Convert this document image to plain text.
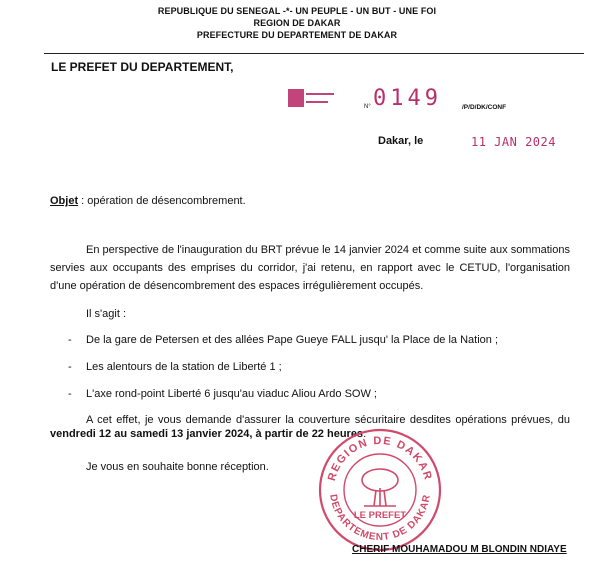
REPUBLIQUE DU SENEGAL -*- UN PEUPLE - UN BUT - UNE FOI
REGION DE DAKAR
PREFECTURE DU DEPARTEMENT DE DAKAR
LE PREFET DU DEPARTEMENT,
N° 0149	/P/D/DK/CONF
Dakar, le	11 JAN 2024
Objet : opération de désencombrement.
En perspective de l'inauguration du BRT prévue le 14 janvier 2024 et comme suite aux sommations servies aux occupants des emprises du corridor, j'ai retenu, en rapport avec le CETUD, l'organisation d'une opération de désencombrement des espaces irrégulièrement occupés.
Il s'agit :
- De la gare de Petersen et des allées Pape Gueye FALL jusqu' la Place de la Nation ;
- Les alentours de la station de Liberté 1 ;
- L'axe rond-point Liberté 6 jusqu'au viaduc Aliou Ardo SOW ;
A cet effet, je vous demande d'assurer la couverture sécuritaire desdites opérations prévues, du vendredi 12 au samedi 13 janvier 2024, à partir de 22 heures.
Je vous en souhaite bonne réception.
REGION DE DAKAR
DEPARTEMENT DE DAKAR
LE PREFET
CHERIF MOUHAMADOU M BLONDIN NDIAYE
